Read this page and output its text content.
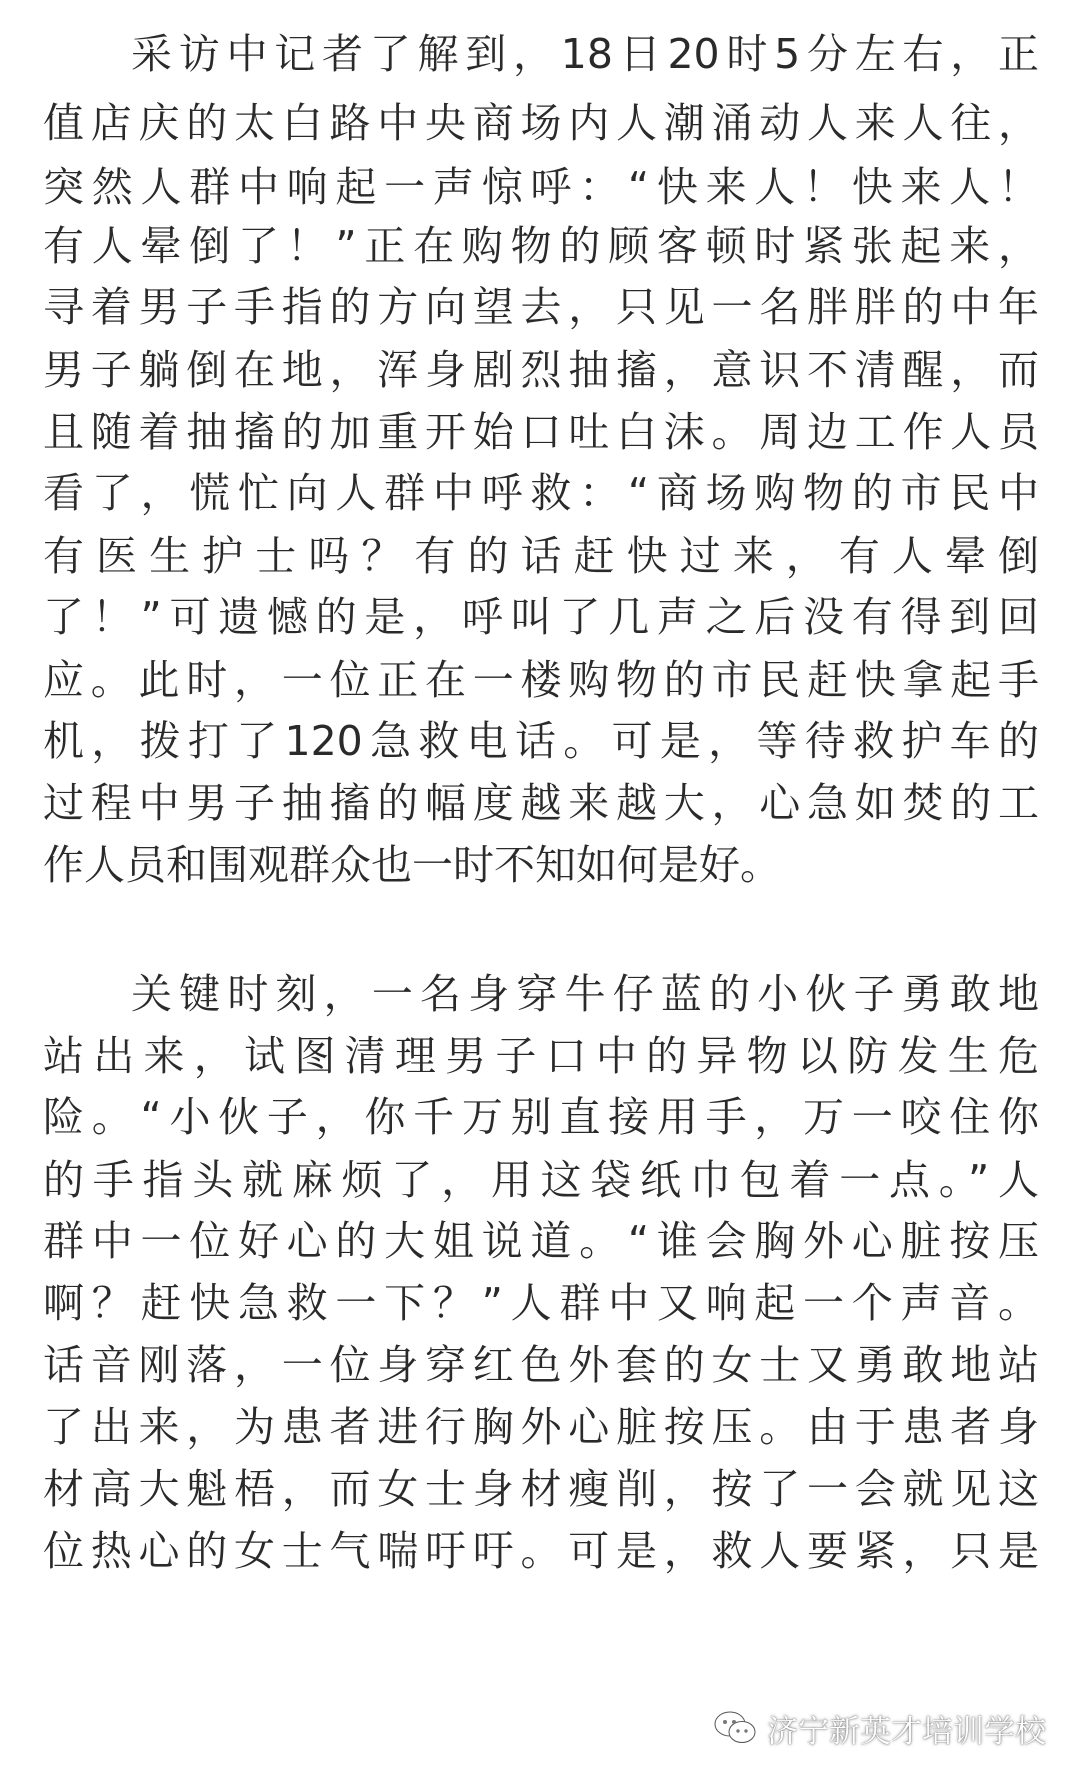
采访中记者了解到，18日20时5分左右，正
值店庆的太白路中央商场内人潮涌动人来人往，
突然人群中响起一声惊呼：“快来人！快来人！
有人晕倒了！”正在购物的顾客顿时紧张起来，
寻着男子手指的方向望去，只见一名胖胖的中年
男子躺倒在地，浑身剧烈抽搐，意识不清醒，而
且随着抽搐的加重开始口吐白沫。周边工作人员
看了，慌忙向人群中呼救：“商场购物的市民中
有医生护士吗？有的话赶快过来，有人晕倒
了！”可遗憾的是，呼叫了几声之后没有得到回
应。此时，一位正在一楼购物的市民赶快拿起手
机，拨打了120急救电话。可是，等待救护车的
过程中男子抽搐的幅度越来越大，心急如焚的工
作人员和围观群众也一时不知如何是好。
关键时刻，一名身穿牛仔蓝的小伙子勇敢地
站出来，试图清理男子口中的异物以防发生危
险。“小伙子，你千万别直接用手，万一咬住你
的手指头就麻烦了，用这袋纸巾包着一点。”人
群中一位好心的大姐说道。“谁会胸外心脏按压
啊？赶快急救一下？”人群中又响起一个声音。
话音刚落，一位身穿红色外套的女士又勇敢地站
了出来，为患者进行胸外心脏按压。由于患者身
材高大魁梧，而女士身材瘦削，按了一会就见这
位热心的女士气喘吁吁。可是，救人要紧，只是
济宁新英才培训学校
